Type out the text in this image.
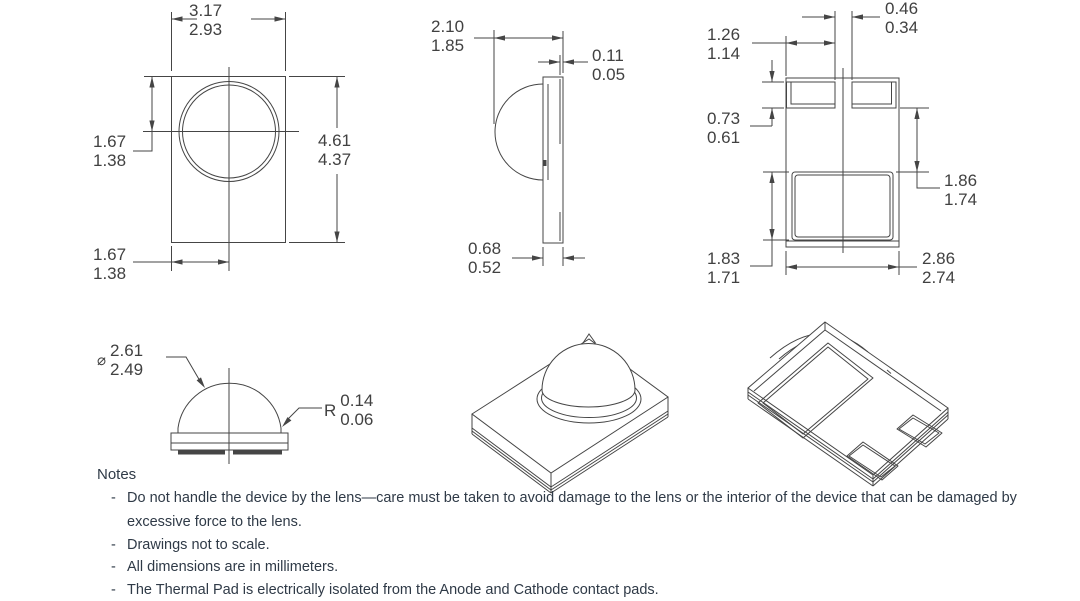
3.17
2.93
1.67
1.38
4.61
4.37
1.67
1.38
2.10
1.85
0.11
0.05
0.68
0.52
0.46
0.34
1.26
1.14
0.73
0.61
1.86
1.74
1.83
1.71
2.86
2.74
⌀ 2.61
2.49
R 0.14
0.06
Notes
- Do not handle the device by the lens—care must be taken to avoid damage to the lens or the interior of the device that can be damaged by
excessive force to the lens.
- Drawings not to scale.
- All dimensions are in millimeters.
- The Thermal Pad is electrically isolated from the Anode and Cathode contact pads.
